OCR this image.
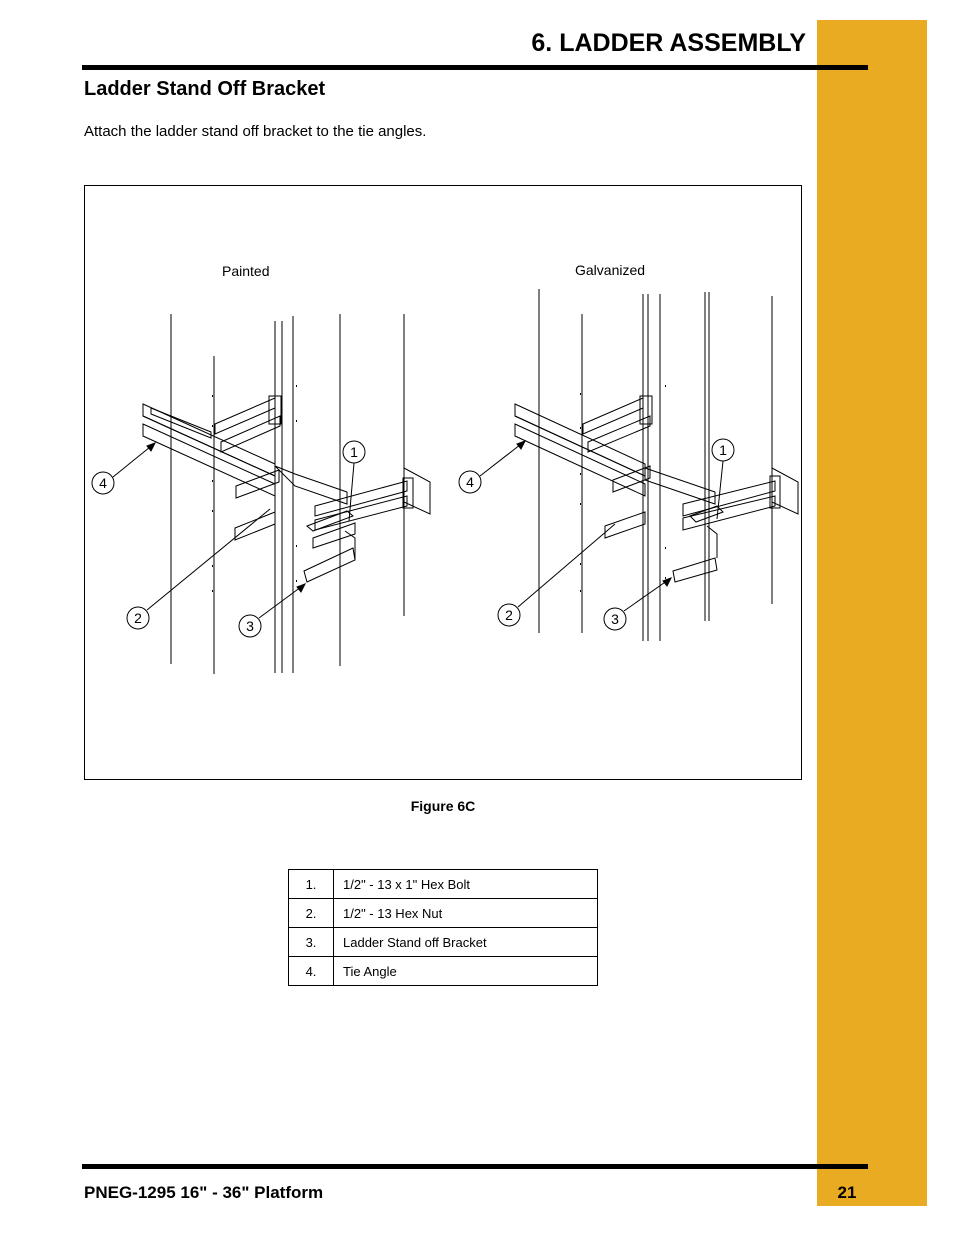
6. LADDER ASSEMBLY
Ladder Stand Off Bracket
Attach the ladder stand off bracket to the tie angles.
Painted	Galvanized
1
4
2	3
1
4
2	3
Figure 6C
1.	1/2" - 13 x 1" Hex Bolt
2.	1/2" - 13 Hex Nut
3.	Ladder Stand off Bracket
4.	Tie Angle
PNEG-1295 16" - 36" Platform	21
